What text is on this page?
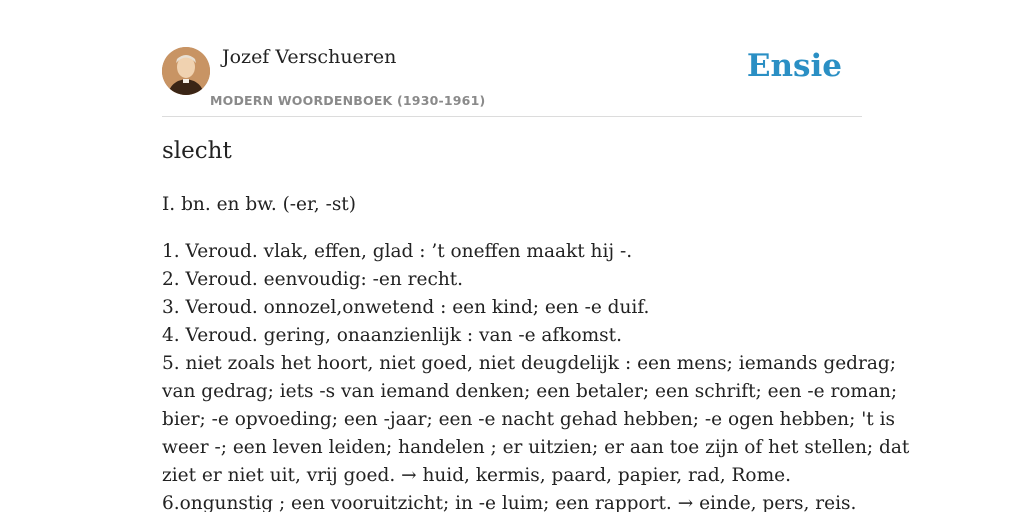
Jozef Verschueren
MODERN WOORDENBOEK (1930-1961)
Ensie
slecht

I. bn. en bw. (-er, -st)

1. Veroud. vlak, effen, glad : ’t oneffen maakt hij -.
2. Veroud. eenvoudig: -en recht.
3. Veroud. onnozel,onwetend : een kind; een -e duif.
4. Veroud. gering, onaanzienlijk : van -e afkomst.
5. niet zoals het hoort, niet goed, niet deugdelijk : een mens; iemands gedrag;
van gedrag; iets -s van iemand denken; een betaler; een schrift; een -e roman;
bier; -e opvoeding; een -jaar; een -e nacht gehad hebben; -e ogen hebben; 't is
weer -; een leven leiden; handelen ; er uitzien; er aan toe zijn of het stellen; dat
ziet er niet uit, vrij goed. → huid, kermis, paard, papier, rad, Rome.
6.ongunstig ; een vooruitzicht; in -e luim; een rapport. → einde, pers, reis.
